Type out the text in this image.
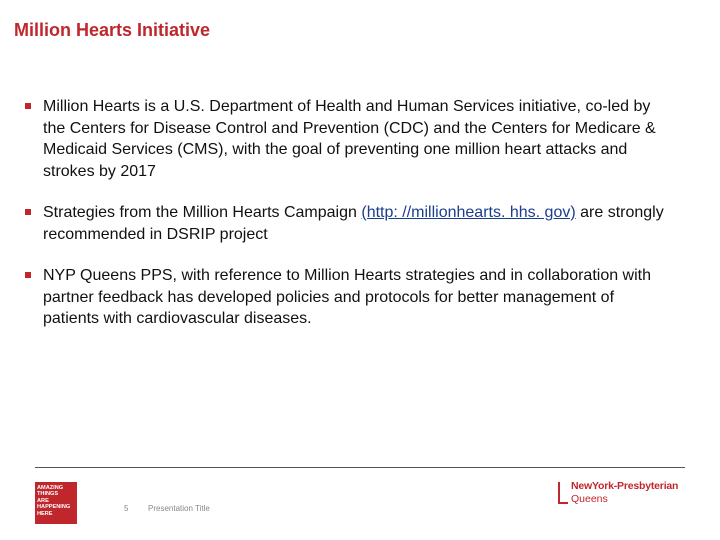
Million Hearts Initiative
Million Hearts is a U.S. Department of Health and Human Services initiative, co-led by the Centers for Disease Control and Prevention (CDC) and the Centers for Medicare & Medicaid Services (CMS), with the goal of preventing one million heart attacks and strokes by 2017
Strategies from the Million Hearts Campaign (http: //millionhearts. hhs. gov) are strongly recommended in DSRIP project
NYP Queens PPS, with reference to Million Hearts strategies and in collaboration with partner feedback has developed policies and protocols for better management of patients with cardiovascular diseases.
AMAZING
THINGS
ARE
HAPPENING
HERE
5 Presentation Title
NewYork-Presbyterian
Queens
